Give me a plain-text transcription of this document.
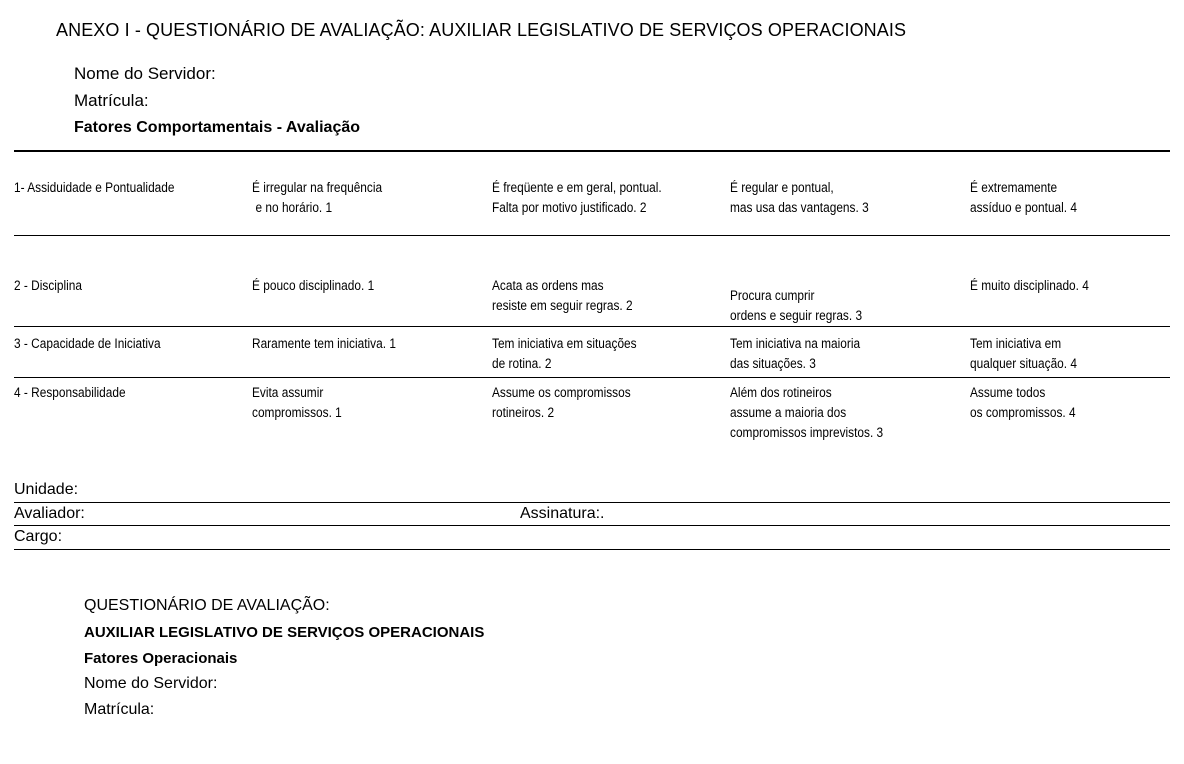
ANEXO I - QUESTIONÁRIO DE AVALIAÇÃO: AUXILIAR LEGISLATIVO DE SERVIÇOS OPERACIONAIS
Nome do Servidor:
Matrícula:
Fatores Comportamentais - Avaliação
1- Assiduidade e Pontualidade	É irregular na frequência
e no horário. 1
É freqüente e em geral, pontual.
Falta por motivo justificado. 2
É regular e pontual,
mas usa das vantagens. 3
É extremamente
assíduo e pontual. 4
2 - Disciplina	É pouco disciplinado. 1	Acata as ordens mas
resiste em seguir regras. 2
Procura cumprir
ordens e seguir regras. 3
É muito disciplinado. 4
3 - Capacidade de Iniciativa	Raramente tem iniciativa. 1	Tem iniciativa em situações
de rotina. 2
Tem iniciativa na maioria
das situações. 3
Tem iniciativa em
qualquer situação. 4
4 - Responsabilidade	Evita assumir
compromissos. 1
Assume os compromissos
rotineiros. 2
Além dos rotineiros
assume a maioria dos
compromissos imprevistos. 3
Assume todos
os compromissos. 4
Unidade:
Avaliador:	Assinatura:.
Cargo:
QUESTIONÁRIO DE AVALIAÇÃO:
AUXILIAR LEGISLATIVO DE SERVIÇOS OPERACIONAIS
Fatores Operacionais
Nome do Servidor:
Matrícula:
